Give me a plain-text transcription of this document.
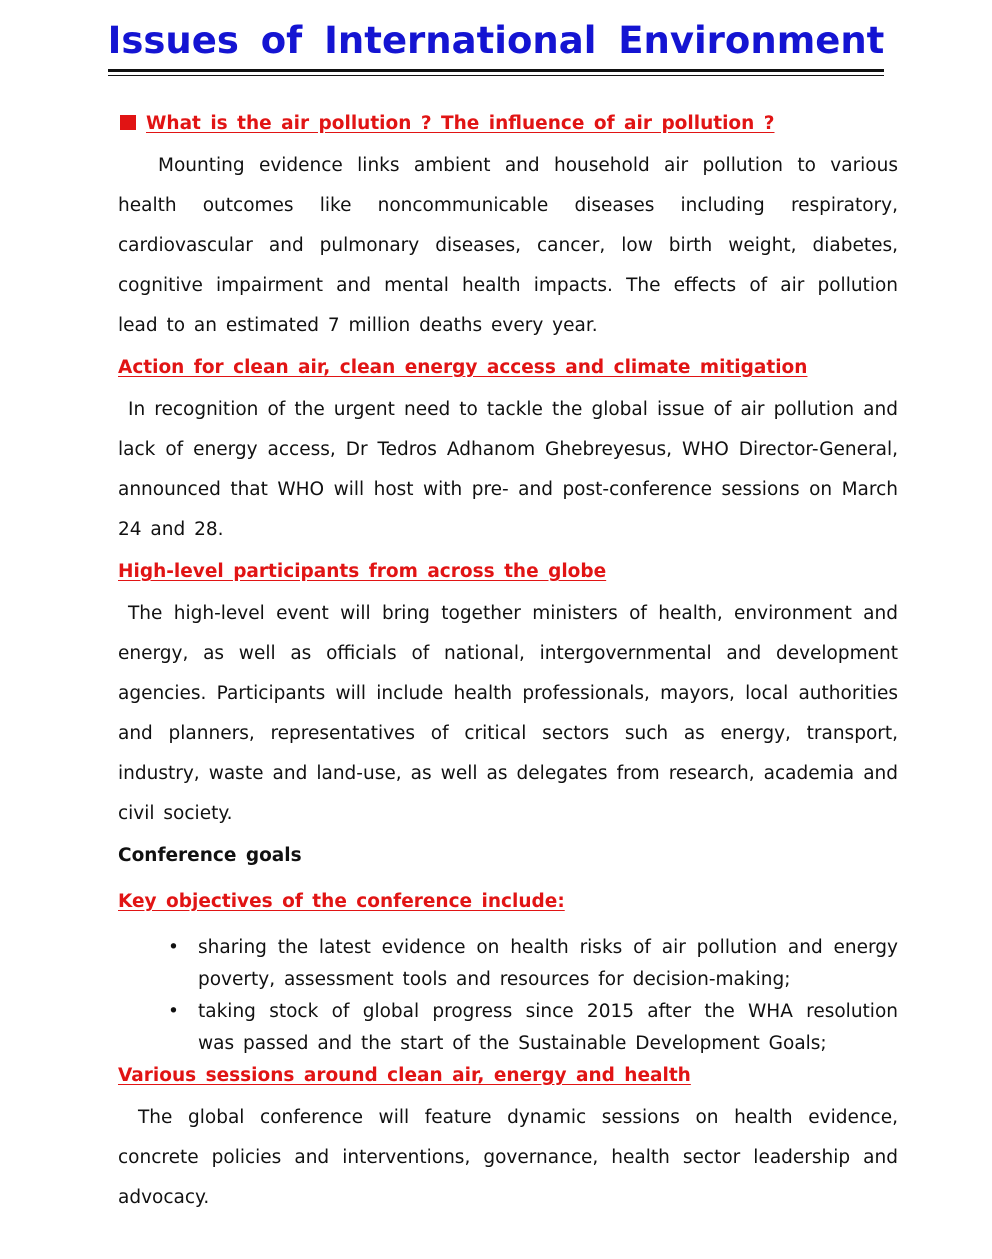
Issues of International Environment

What is the air pollution ? The influence of air pollution ?

Mounting evidence links ambient and household air pollution to various health outcomes like noncommunicable diseases including respiratory, cardiovascular and pulmonary diseases, cancer, low birth weight, diabetes, cognitive impairment and mental health impacts. The effects of air pollution lead to an estimated 7 million deaths every year.

Action for clean air, clean energy access and climate mitigation

In recognition of the urgent need to tackle the global issue of air pollution and lack of energy access, Dr Tedros Adhanom Ghebreyesus, WHO Director-General, announced that WHO will host with pre- and post-conference sessions on March 24 and 28.

High-level participants from across the globe

The high-level event will bring together ministers of health, environment and energy, as well as officials of national, intergovernmental and development agencies. Participants will include health professionals, mayors, local authorities and planners, representatives of critical sectors such as energy, transport, industry, waste and land-use, as well as delegates from research, academia and civil society.

Conference goals

Key objectives of the conference include:

• sharing the latest evidence on health risks of air pollution and energy poverty, assessment tools and resources for decision-making;
• taking stock of global progress since 2015 after the WHA resolution was passed and the start of the Sustainable Development Goals;

Various sessions around clean air, energy and health

The global conference will feature dynamic sessions on health evidence, concrete policies and interventions, governance, health sector leadership and advocacy.
